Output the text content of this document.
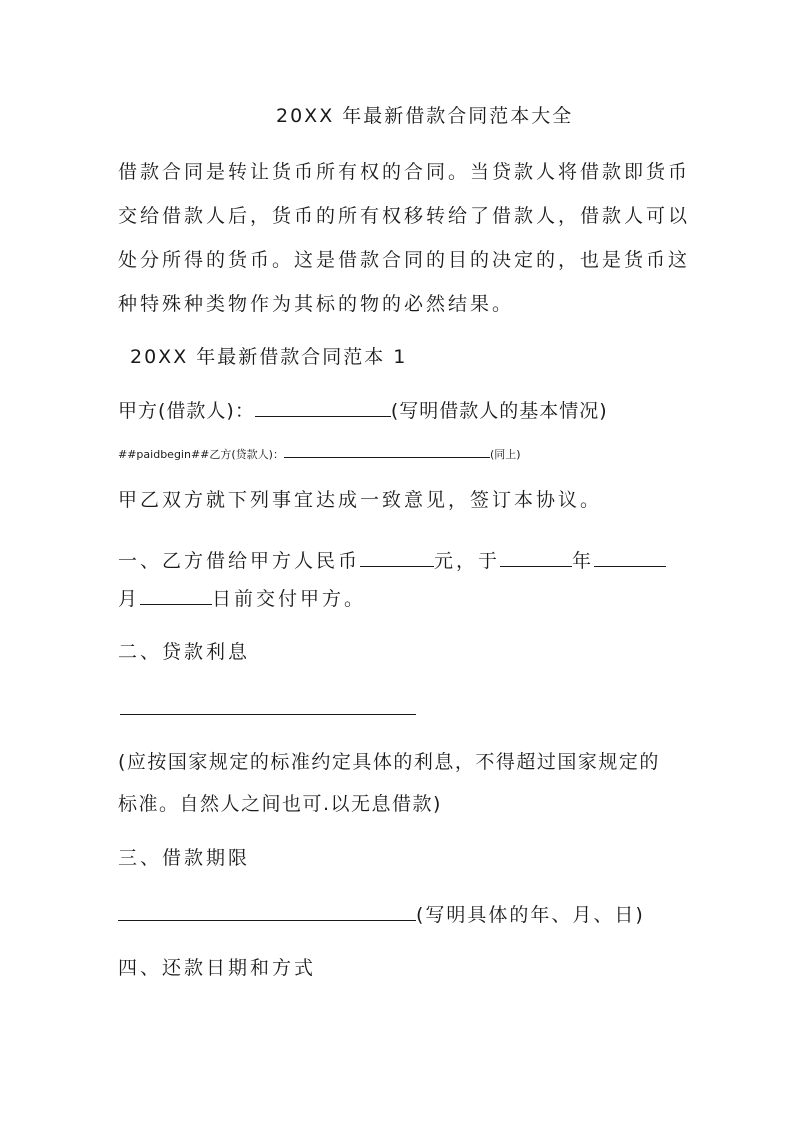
20XX 年最新借款合同范本大全
借款合同是转让货币所有权的合同。当贷款人将借款即货币
交给借款人后，货币的所有权移转给了借款人，借款人可以
处分所得的货币。这是借款合同的目的决定的，也是货币这
种特殊种类物作为其标的物的必然结果。
20XX 年最新借款合同范本 1
甲方(借款人)：	(写明借款人的基本情况)
##paidbegin##乙方(贷款人)：	(同上)
甲乙双方就下列事宜达成一致意见，签订本协议。
一、乙方借给甲方人民币	元，于	年
月	日前交付甲方。
二、贷款利息
(应按国家规定的标准约定具体的利息，不得超过国家规定的
标准。自然人之间也可.以无息借款)
三、借款期限
(写明具体的年、月、日)
四、还款日期和方式
